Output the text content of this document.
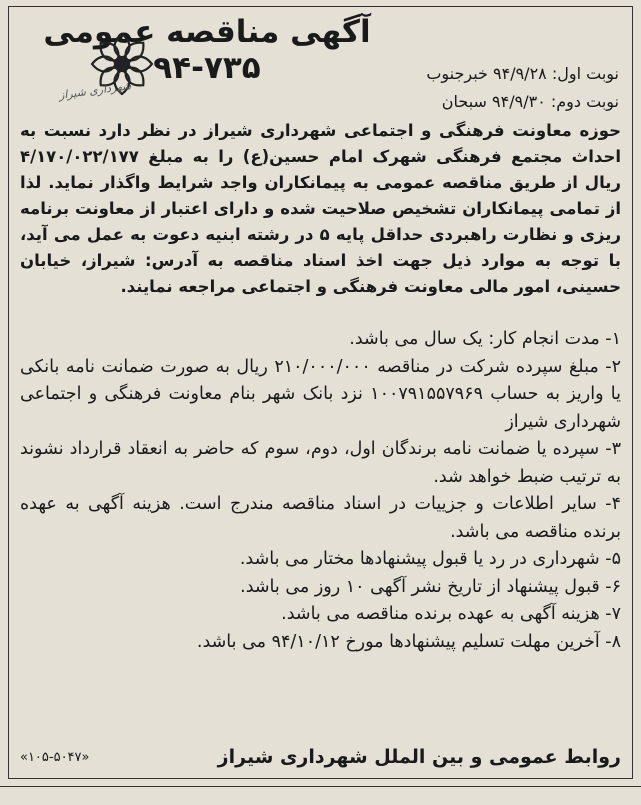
آگهی مناقصه عمومی ۷۳۵-۹۴
شهرداری شیراز
نوبت اول: ۹۴/۹/۲۸ خبرجنوب
نوبت دوم: ۹۴/۹/۳۰ سبحان
حوزه معاونت فرهنگی و اجتماعی شهرداری شیراز در نظر دارد نسبت به احداث مجتمع فرهنگی شهرک امام حسین(ع) را به مبلغ ۴/۱۷۰/۰۲۲/۱۷۷ ریال از طریق مناقصه عمومی به پیمانکاران واجد شرایط واگذار نماید. لذا از تمامی پیمانکاران تشخیص صلاحیت شده و دارای اعتبار از معاونت برنامه ریزی و نظارت راهبردی حداقل پایه ۵ در رشته ابنیه دعوت به عمل می آید، با توجه به موارد ذیل جهت اخذ اسناد مناقصه به آدرس: شیراز، خیابان حسینی، امور مالی معاونت فرهنگی و اجتماعی مراجعه نمایند.
۱- مدت انجام کار: یک سال می باشد.
۲- مبلغ سپرده شرکت در مناقصه ۲۱۰/۰۰۰/۰۰۰ ریال به صورت ضمانت نامه بانکی یا واریز به حساب ۱۰۰۷۹۱۵۵۷۹۶۹ نزد بانک شهر بنام معاونت فرهنگی و اجتماعی شهرداری شیراز
۳- سپرده یا ضمانت نامه برندگان اول، دوم، سوم که حاضر به انعقاد قرارداد نشوند به ترتیب ضبط خواهد شد.
۴- سایر اطلاعات و جزییات در اسناد مناقصه مندرج است. هزینه آگهی به عهده برنده مناقصه می باشد.
۵- شهرداری در رد یا قبول پیشنهادها مختار می باشد.
۶- قبول پیشنهاد از تاریخ نشر آگهی ۱۰ روز می باشد.
۷- هزینه آگهی به عهده برنده مناقصه می باشد.
۸- آخرین مهلت تسلیم پیشنهادها مورخ ۹۴/۱۰/۱۲ می باشد.
روابط عمومی و بین الملل شهرداری شیراز
«۱۰۵-۵۰۴۷»
